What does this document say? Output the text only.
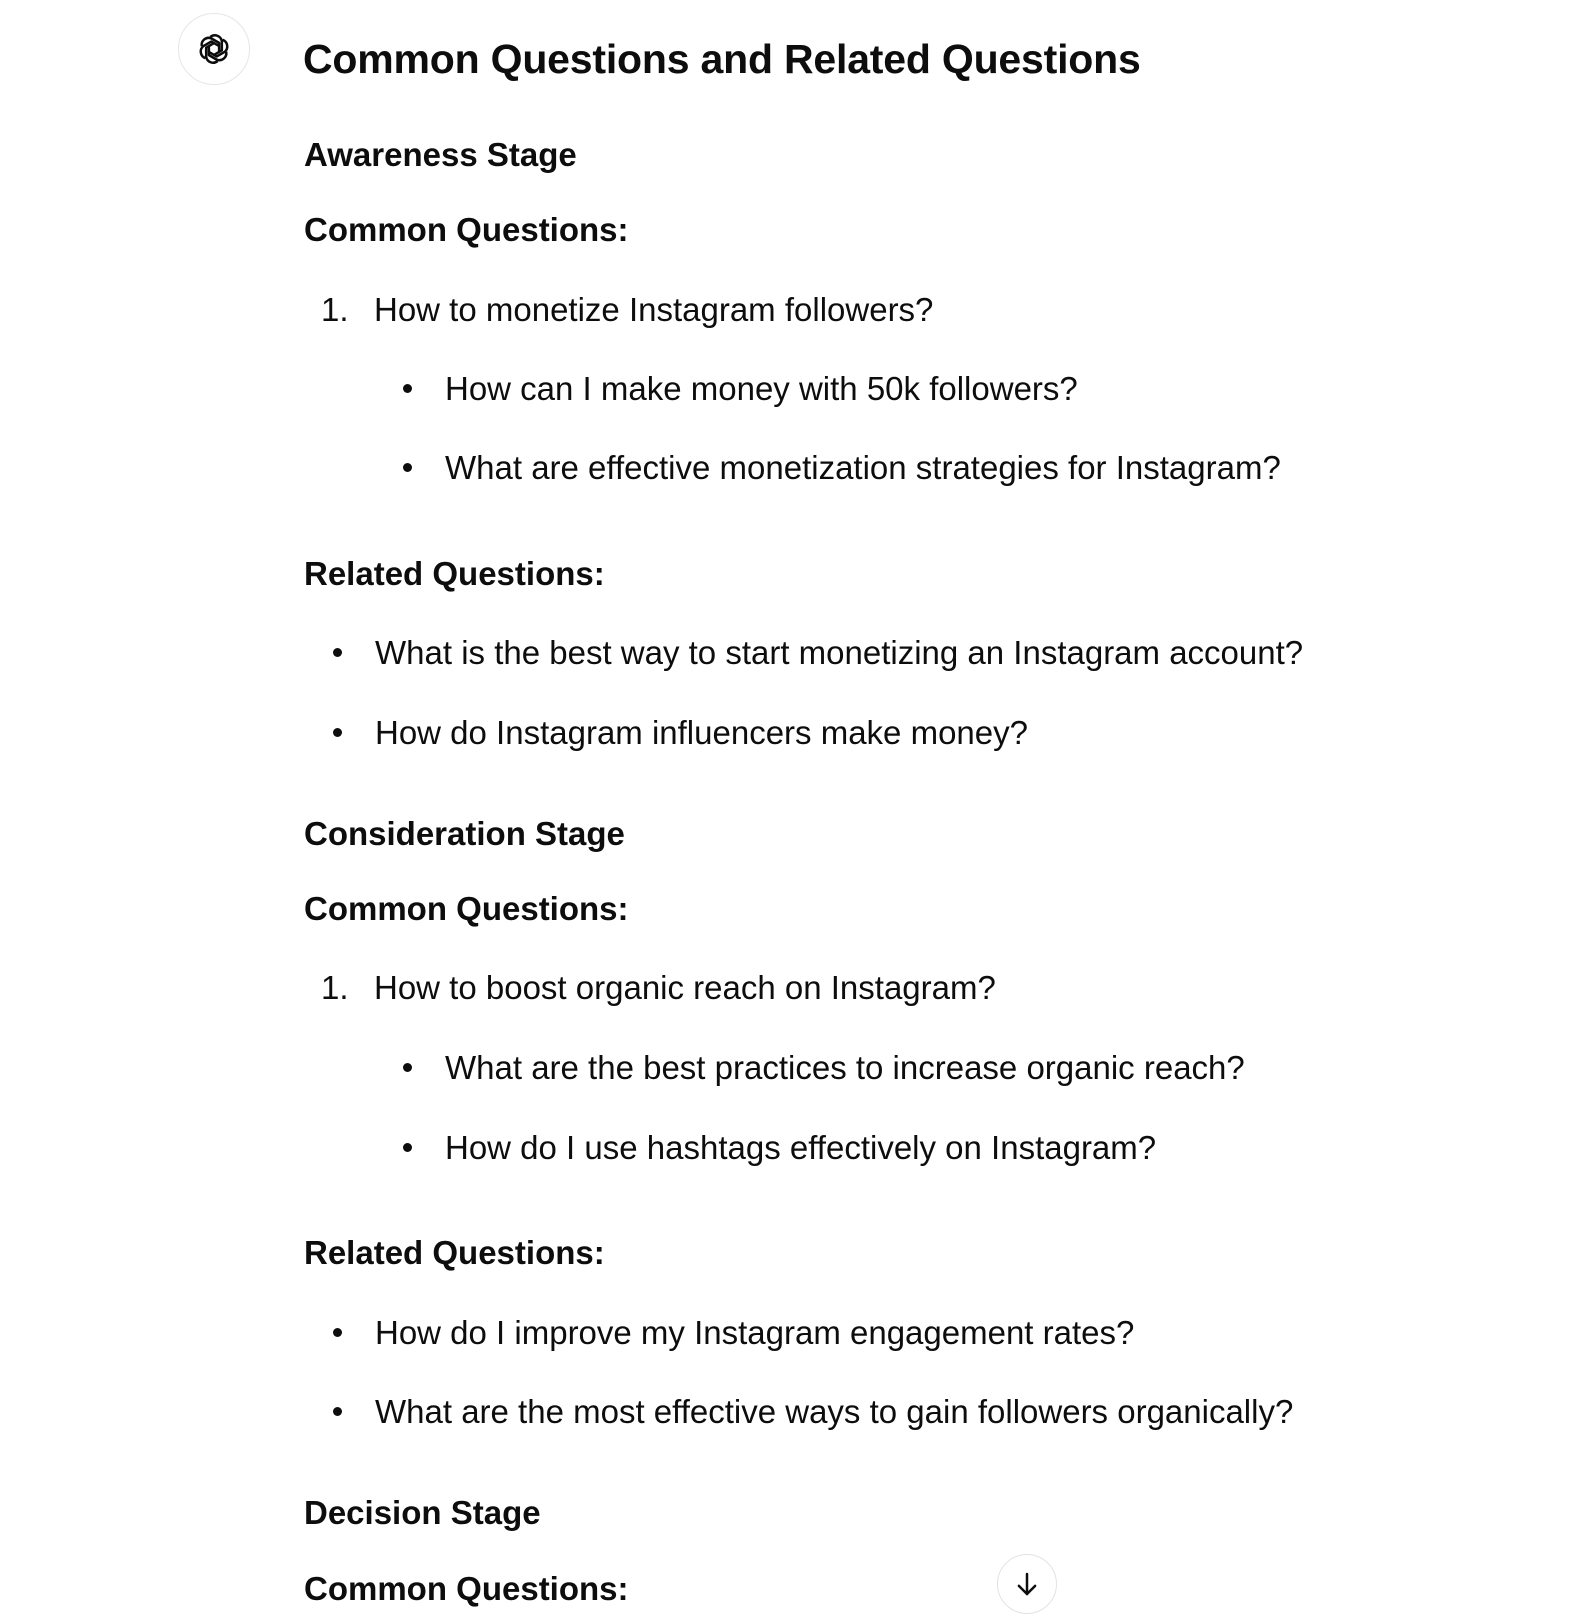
Common Questions and Related Questions
Awareness Stage
Common Questions:
1. How to monetize Instagram followers?
How can I make money with 50k followers?
What are effective monetization strategies for Instagram?
Related Questions:
What is the best way to start monetizing an Instagram account?
How do Instagram influencers make money?
Consideration Stage
Common Questions:
1. How to boost organic reach on Instagram?
What are the best practices to increase organic reach?
How do I use hashtags effectively on Instagram?
Related Questions:
How do I improve my Instagram engagement rates?
What are the most effective ways to gain followers organically?
Decision Stage
Common Questions:
